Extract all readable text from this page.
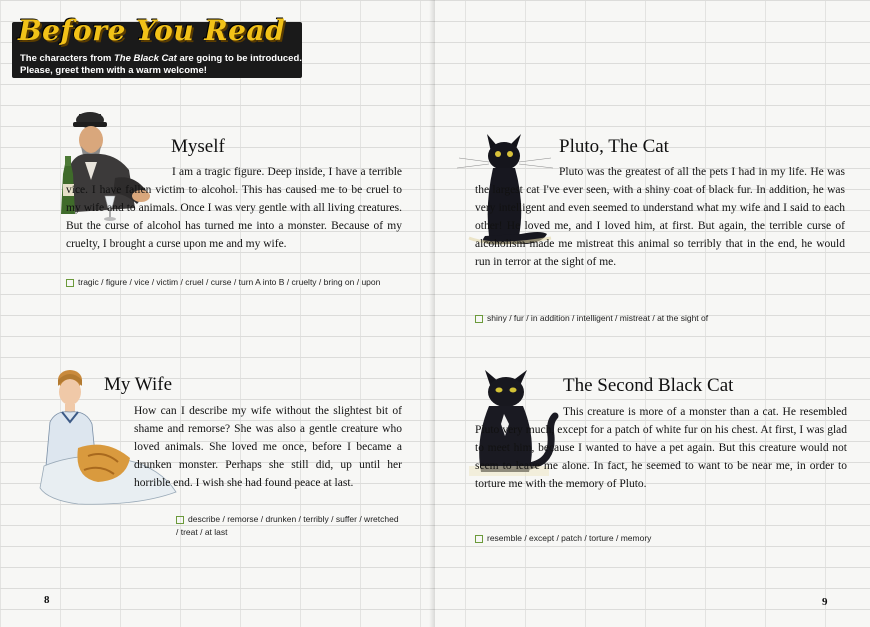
Before You Read
The characters from The Black Cat are going to be introduced.
Please, greet them with a warm welcome!
Myself
I am a tragic figure. Deep inside, I have a terrible vice. I have fallen victim to alcohol. This has caused me to be cruel to my wife and to animals. Once I was very gentle with all living creatures. But the curse of alcohol has turned me into a monster. Because of my cruelty, I brought a curse upon me and my wife.
tragic / figure / vice / victim / cruel / curse / turn A into B / cruelty / bring on / upon
My Wife
How can I describe my wife without the slightest bit of shame and remorse? She was also a gentle creature who loved animals. She loved me once, before I became a drunken monster. Perhaps she still did, up until her horrible end. I wish she had found peace at last.
describe / remorse / drunken / terribly / suffer / wretched / treat / at last
8
Pluto, The Cat
Pluto was the greatest of all the pets I had in my life. He was the largest cat I've ever seen, with a shiny coat of black fur. In addition, he was very intelligent and even seemed to understand what my wife and I said to each other! He loved me, and I loved him, at first. But again, the terrible curse of alcoholism made me mistreat this animal so terribly that in the end, he would run in terror at the sight of me.
shiny / fur / in addition / intelligent / mistreat / at the sight of
The Second Black Cat
This creature is more of a monster than a cat. He resembled Pluto very much, except for a patch of white fur on his chest. At first, I was glad to meet him, because I wanted to have a pet again. But this creature would not seem to leave me alone. In fact, he seemed to want to be near me, in order to torture me with the memory of Pluto.
resemble / except / patch / torture / memory
9
